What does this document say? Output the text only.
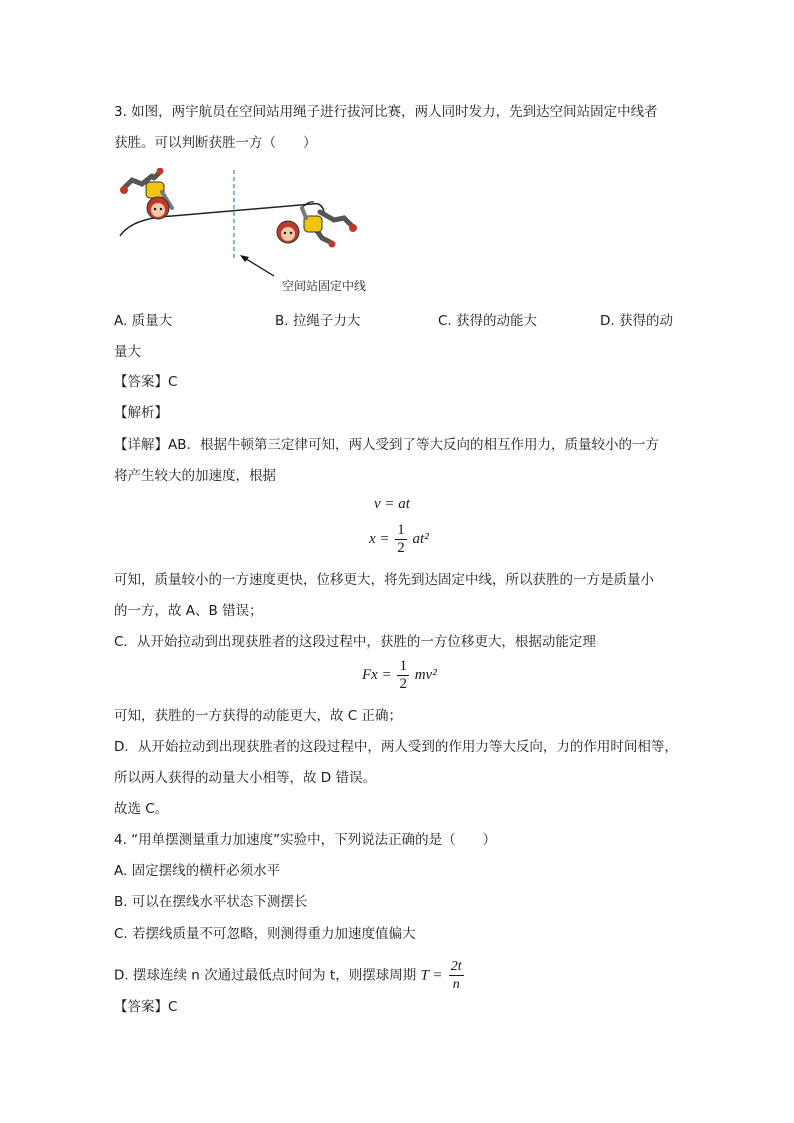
3. 如图，两宇航员在空间站用绳子进行拔河比赛，两人同时发力，先到达空间站固定中线者
获胜。可以判断获胜一方（　　）
空间站固定中线
A. 质量大	B. 拉绳子力大	C. 获得的动能大	D. 获得的动
量大
【答案】C
【解析】
【详解】AB．根据牛顿第三定律可知，两人受到了等大反向的相互作用力，质量较小的一方
将产生较大的加速度，根据
v = at
$x = \frac{1}{2} at^2$
可知，质量较小的一方速度更快，位移更大，将先到达固定中线，所以获胜的一方是质量小
的一方，故 A、B 错误；
C．从开始拉动到出现获胜者的这段过程中，获胜的一方位移更大，根据动能定理
$Fx = \frac{1}{2} mv^2$
可知，获胜的一方获得的动能更大，故 C 正确；
D．从开始拉动到出现获胜者的这段过程中，两人受到的作用力等大反向，力的作用时间相等，
所以两人获得的动量大小相等，故 D 错误。
故选 C。
4. “用单摆测量重力加速度”实验中，下列说法正确的是（　　）
A. 固定摆线的横杆必须水平
B. 可以在摆线水平状态下测摆长
C. 若摆线质量不可忽略，则测得重力加速度值偏大
D. 摆球连续 n 次通过最低点时间为 t，则摆球周期 $T = \frac{2t}{n}$
【答案】C
